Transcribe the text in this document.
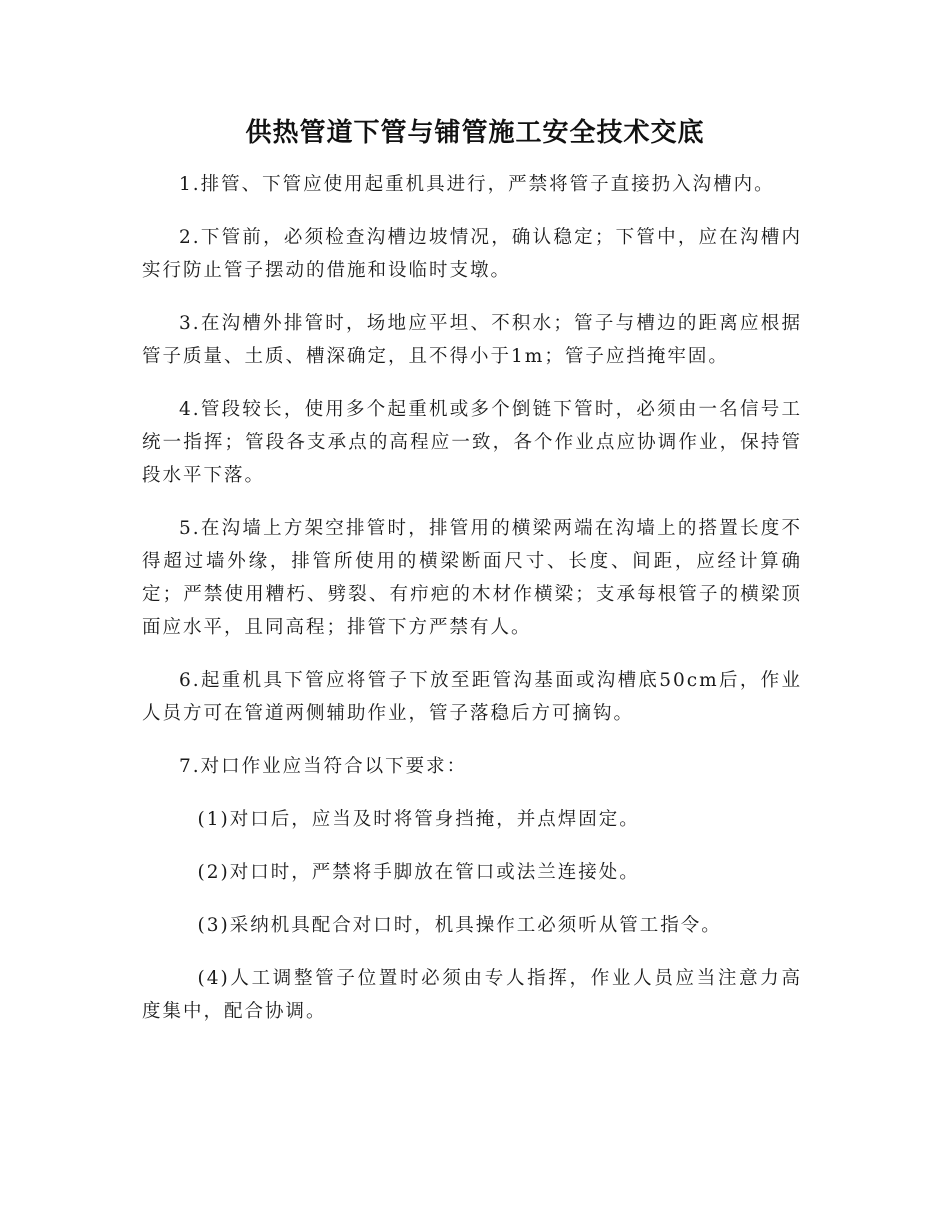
供热管道下管与铺管施工安全技术交底

1.排管、下管应使用起重机具进行，严禁将管子直接扔入沟槽内。

2.下管前，必须检查沟槽边坡情况，确认稳定；下管中，应在沟槽内实行防止管子摆动的借施和设临时支墩。

3.在沟槽外排管时，场地应平坦、不积水；管子与槽边的距离应根据管子质量、土质、槽深确定，且不得小于1m；管子应挡掩牢固。

4.管段较长，使用多个起重机或多个倒链下管时，必须由一名信号工统一指挥；管段各支承点的高程应一致，各个作业点应协调作业，保持管段水平下落。

5.在沟墙上方架空排管时，排管用的横梁两端在沟墙上的搭置长度不得超过墙外缘，排管所使用的横梁断面尺寸、长度、间距，应经计算确定；严禁使用糟朽、劈裂、有疖疤的木材作横梁；支承每根管子的横梁顶面应水平，且同高程；排管下方严禁有人。

6.起重机具下管应将管子下放至距管沟基面或沟槽底50cm后，作业人员方可在管道两侧辅助作业，管子落稳后方可摘钩。

7.对口作业应当符合以下要求：

(1)对口后，应当及时将管身挡掩，并点焊固定。

(2)对口时，严禁将手脚放在管口或法兰连接处。

(3)采纳机具配合对口时，机具操作工必须听从管工指令。

(4)人工调整管子位置时必须由专人指挥，作业人员应当注意力高度集中，配合协调。
